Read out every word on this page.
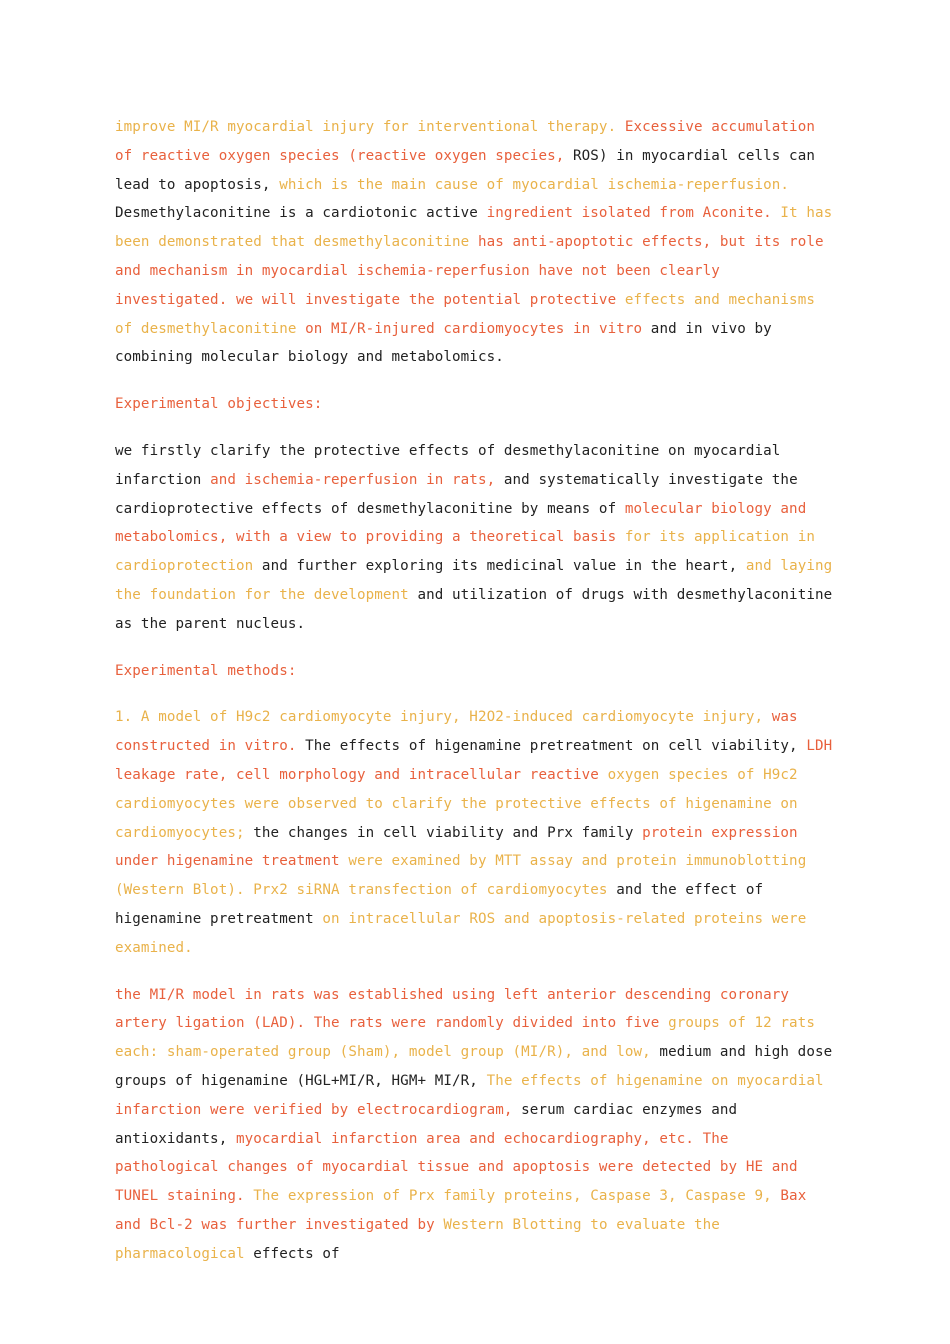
improve MI/R myocardial injury for interventional therapy. Excessive accumulation of reactive oxygen species (reactive oxygen species, ROS) in myocardial cells can lead to apoptosis, which is the main cause of myocardial ischemia-reperfusion. Desmethylaconitine is a cardiotonic active ingredient isolated from Aconite. It has been demonstrated that desmethylaconitine has anti-apoptotic effects, but its role and mechanism in myocardial ischemia-reperfusion have not been clearly investigated. we will investigate the potential protective effects and mechanisms of desmethylaconitine on MI/R-injured cardiomyocytes in vitro and in vivo by combining molecular biology and metabolomics.

Experimental objectives:

we firstly clarify the protective effects of desmethylaconitine on myocardial infarction and ischemia-reperfusion in rats, and systematically investigate the cardioprotective effects of desmethylaconitine by means of molecular biology and metabolomics, with a view to providing a theoretical basis for its application in cardioprotection and further exploring its medicinal value in the heart, and laying the foundation for the development and utilization of drugs with desmethylaconitine as the parent nucleus.

Experimental methods:

1. A model of H9c2 cardiomyocyte injury, H2O2-induced cardiomyocyte injury, was constructed in vitro. The effects of higenamine pretreatment on cell viability, LDH leakage rate, cell morphology and intracellular reactive oxygen species of H9c2 cardiomyocytes were observed to clarify the protective effects of higenamine on cardiomyocytes; the changes in cell viability and Prx family protein expression under higenamine treatment were examined by MTT assay and protein immunoblotting (Western Blot). Prx2 siRNA transfection of cardiomyocytes and the effect of higenamine pretreatment on intracellular ROS and apoptosis-related proteins were examined.

the MI/R model in rats was established using left anterior descending coronary artery ligation (LAD). The rats were randomly divided into five groups of 12 rats each: sham-operated group (Sham), model group (MI/R), and low, medium and high dose groups of higenamine (HGL+MI/R, HGM+ MI/R, The effects of higenamine on myocardial infarction were verified by electrocardiogram, serum cardiac enzymes and antioxidants, myocardial infarction area and echocardiography, etc. The pathological changes of myocardial tissue and apoptosis were detected by HE and TUNEL staining. The expression of Prx family proteins, Caspase 3, Caspase 9, Bax and Bcl-2 was further investigated by Western Blotting to evaluate the pharmacological effects of
